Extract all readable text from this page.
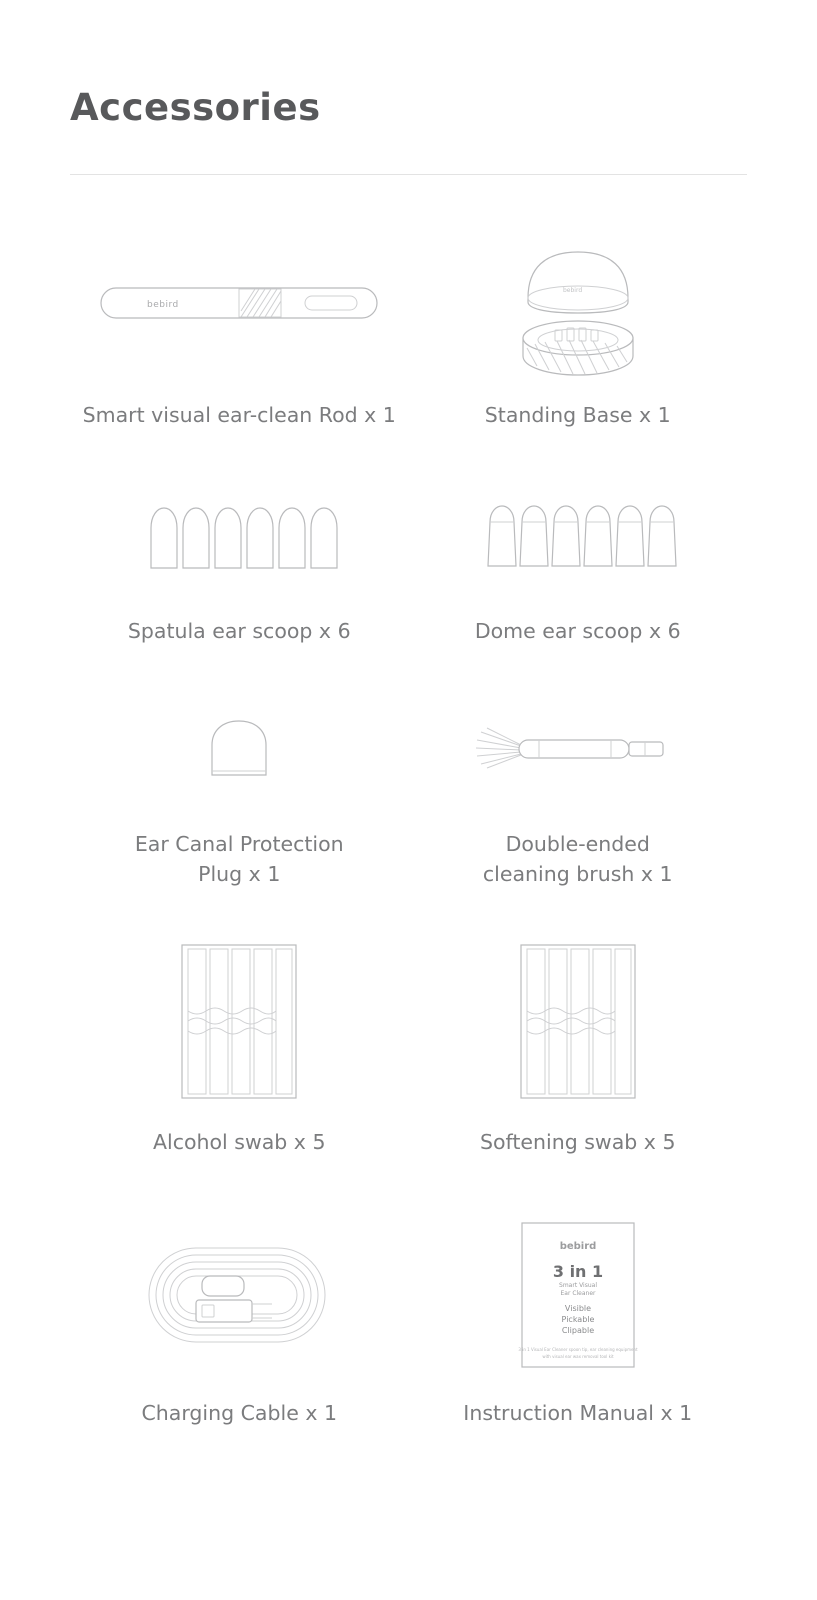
Accessories
bebird
Smart visual ear-clean Rod x 1
bebird
Standing Base x 1
Spatula ear scoop x 6	Dome ear scoop x 6
Ear Canal Protection
Plug x 1
Double-ended
cleaning brush x 1
Alcohol swab x 5	Softening swab x 5
Charging Cable x 1
bebird
3 in 1
Smart Visual
Ear Cleaner
Visible
Pickable
Clipable
3 in 1 Visual Ear Cleaner spoon tip, ear cleaning equipment
with visual ear wax removal tool kit
Instruction Manual x 1
